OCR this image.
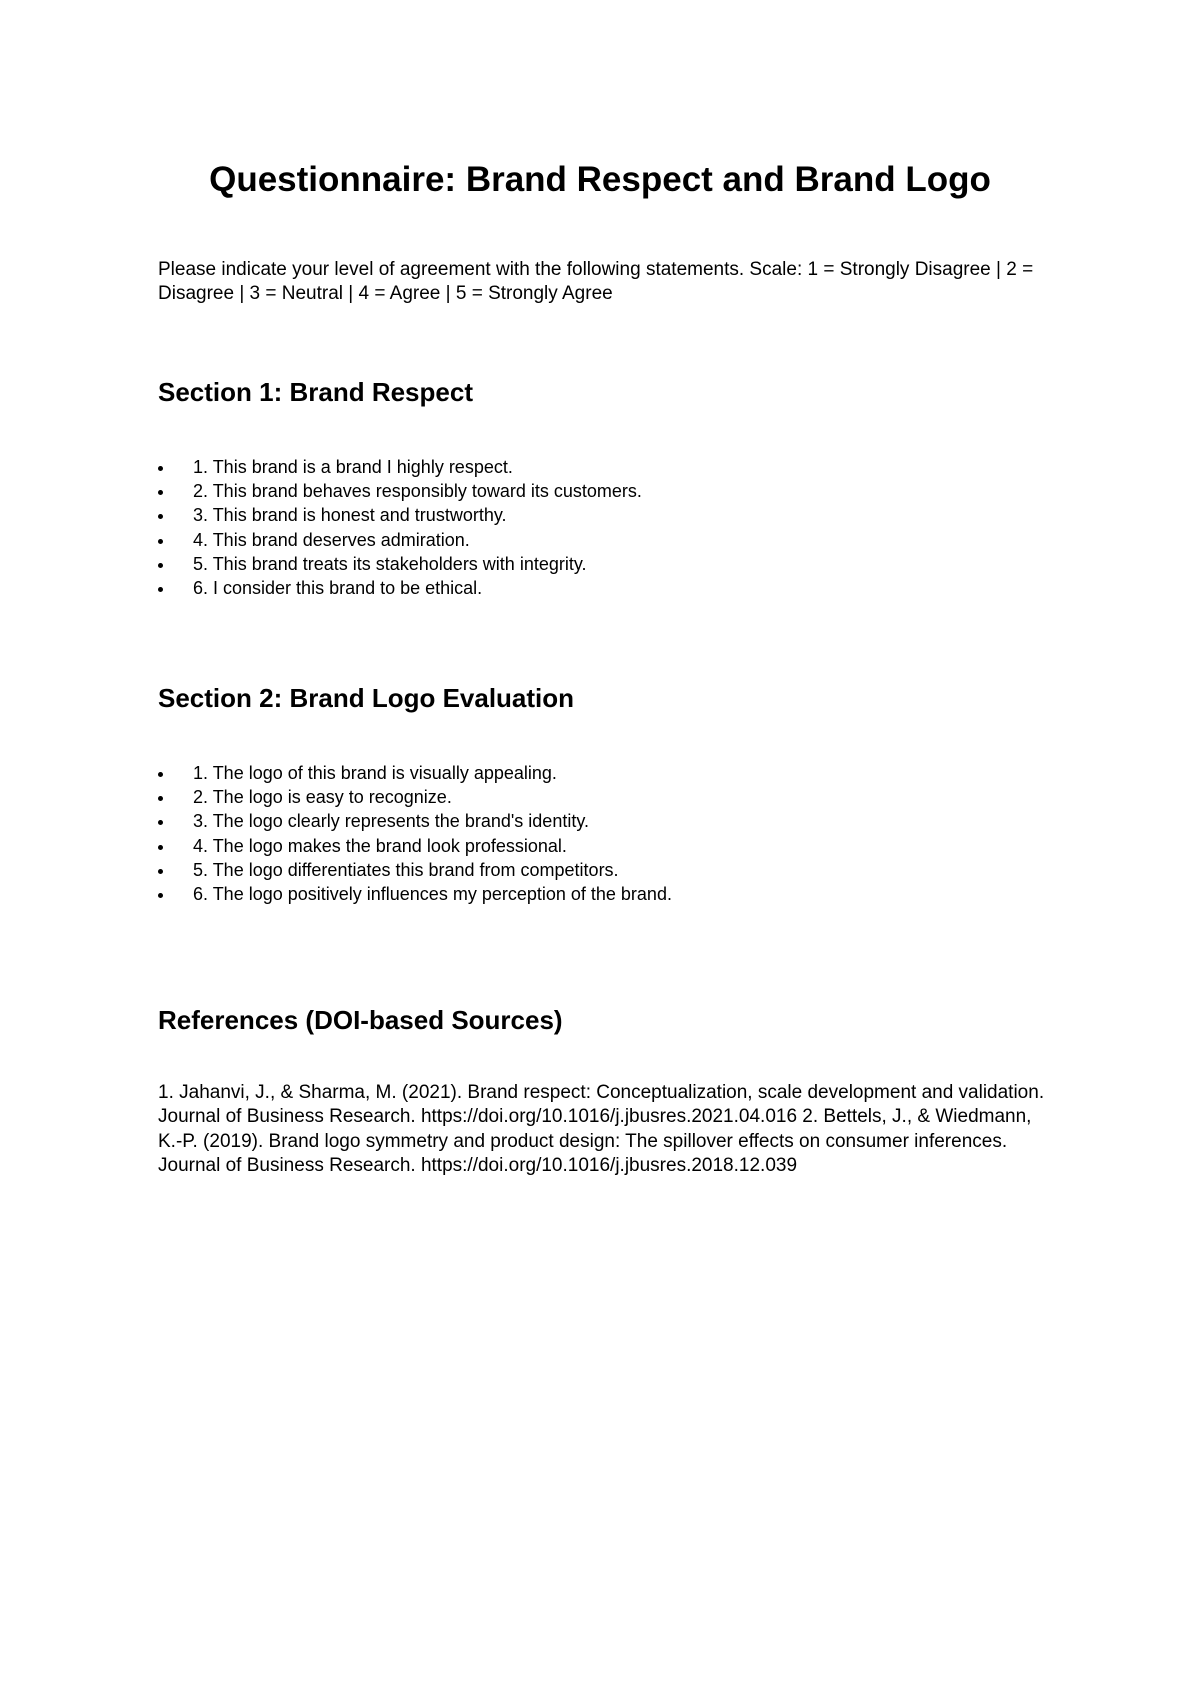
Questionnaire: Brand Respect and Brand Logo

Please indicate your level of agreement with the following statements. Scale: 1 = Strongly Disagree | 2 = Disagree | 3 = Neutral | 4 = Agree | 5 = Strongly Agree

Section 1: Brand Respect
1. This brand is a brand I highly respect.
2. This brand behaves responsibly toward its customers.
3. This brand is honest and trustworthy.
4. This brand deserves admiration.
5. This brand treats its stakeholders with integrity.
6. I consider this brand to be ethical.
Section 2: Brand Logo Evaluation
1. The logo of this brand is visually appealing.
2. The logo is easy to recognize.
3. The logo clearly represents the brand's identity.
4. The logo makes the brand look professional.
5. The logo differentiates this brand from competitors.
6. The logo positively influences my perception of the brand.
References (DOI-based Sources)

1. Jahanvi, J., & Sharma, M. (2021). Brand respect: Conceptualization, scale development and validation. Journal of Business Research. https://doi.org/10.1016/j.jbusres.2021.04.016 2. Bettels, J., & Wiedmann, K.-P. (2019). Brand logo symmetry and product design: The spillover effects on consumer inferences. Journal of Business Research. https://doi.org/10.1016/j.jbusres.2018.12.039
